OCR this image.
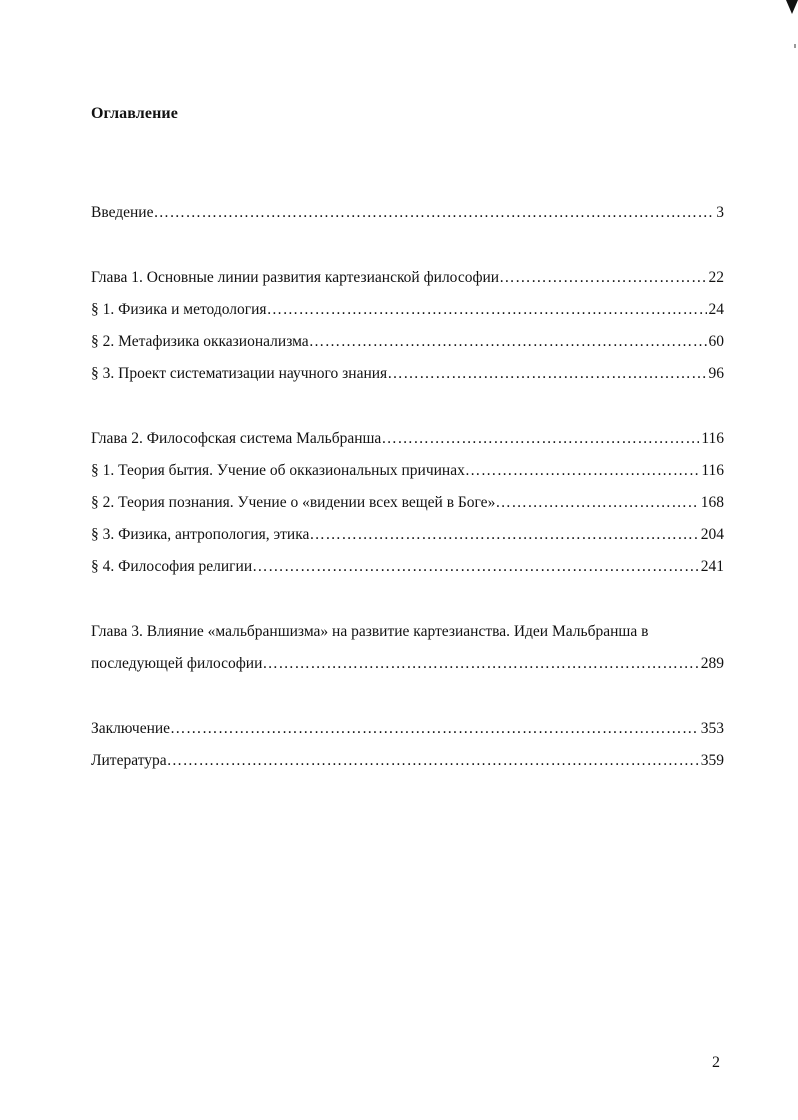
Оглавление
Введение ………………………………………………………………………………………………………………………………………………	3
Глава 1. Основные линии развития картезианской философии ………………………………………………………………………………………………………………………………………………	22
§ 1. Физика и методология ………………………………………………………………………………………………………………………………………………	24
§ 2. Метафизика окказионализма ………………………………………………………………………………………………………………………………………………	60
§ 3. Проект систематизации научного знания ………………………………………………………………………………………………………………………………………………	96
Глава 2. Философская система Мальбранша ………………………………………………………………………………………………………………………………………………	116
§ 1. Теория бытия. Учение об окказиональных причинах ………………………………………………………………………………………………………………………………………………	116
§ 2. Теория познания. Учение о «видении всех вещей в Боге» ………………………………………………………………………………………………………………………………………………	168
§ 3. Физика, антропология, этика ………………………………………………………………………………………………………………………………………………	204
§ 4. Философия религии ………………………………………………………………………………………………………………………………………………	241
Глава 3. Влияние «мальбраншизма» на развитие картезианства. Идеи Мальбранша в
последующей философии ………………………………………………………………………………………………………………………………………………	289
Заключение ………………………………………………………………………………………………………………………………………………	353
Литература ………………………………………………………………………………………………………………………………………………	359
2
